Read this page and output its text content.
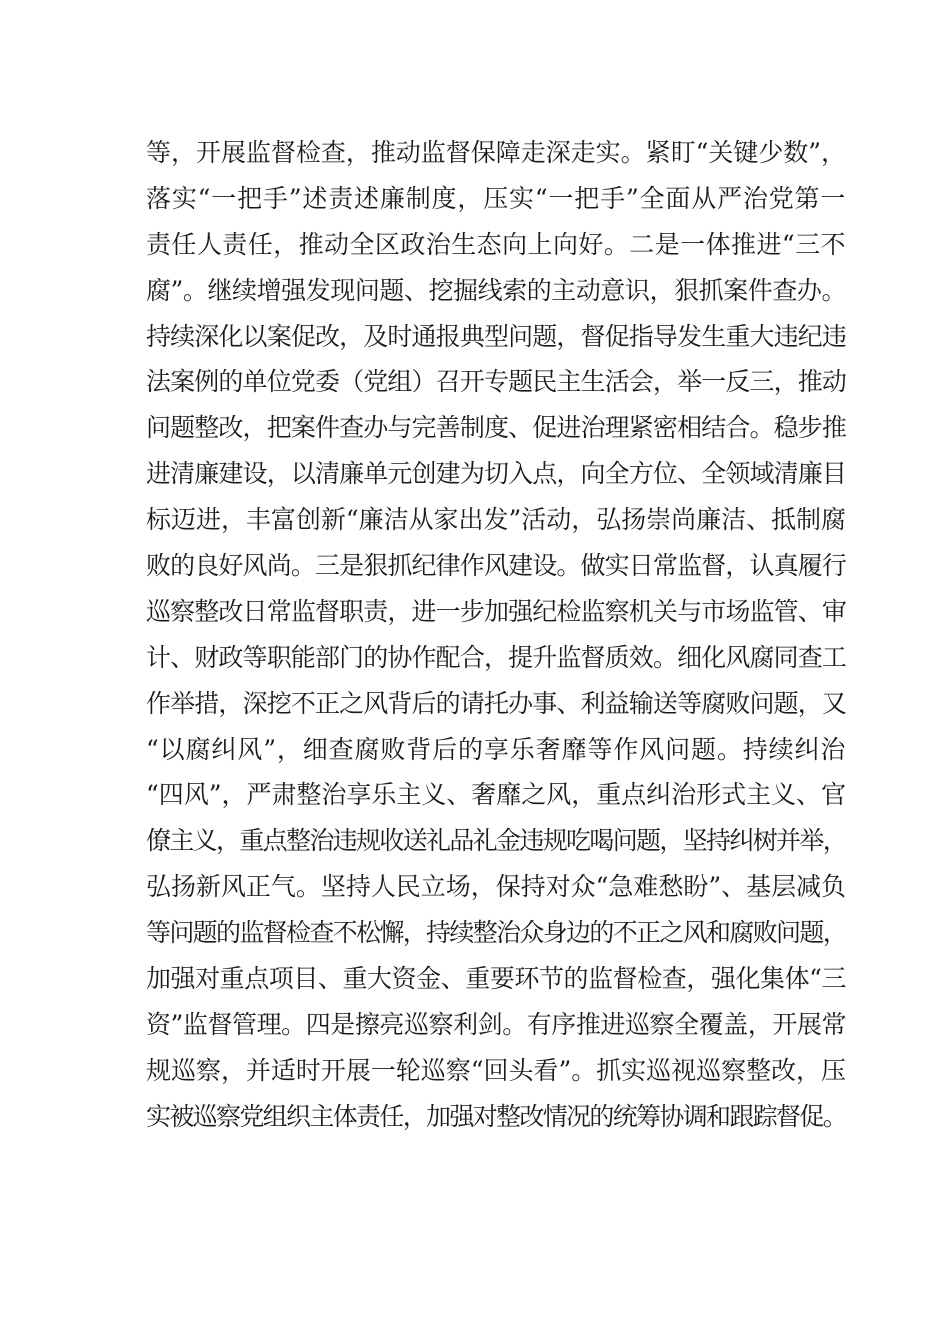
等，开展监督检查，推动监督保障走深走实。紧盯“关键少数”，
落实“一把手”述责述廉制度，压实“一把手”全面从严治党第一
责任人责任，推动全区政治生态向上向好。二是一体推进“三不
腐”。继续增强发现问题、挖掘线索的主动意识，狠抓案件查办。
持续深化以案促改，及时通报典型问题，督促指导发生重大违纪违
法案例的单位党委（党组）召开专题民主生活会，举一反三，推动
问题整改，把案件查办与完善制度、促进治理紧密相结合。稳步推
进清廉建设，以清廉单元创建为切入点，向全方位、全领域清廉目
标迈进，丰富创新“廉洁从家出发”活动，弘扬崇尚廉洁、抵制腐
败的良好风尚。三是狠抓纪律作风建设。做实日常监督，认真履行
巡察整改日常监督职责，进一步加强纪检监察机关与市场监管、审
计、财政等职能部门的协作配合，提升监督质效。细化风腐同查工
作举措，深挖不正之风背后的请托办事、利益输送等腐败问题，又
“以腐纠风”，细查腐败背后的享乐奢靡等作风问题。持续纠治
“四风”，严肃整治享乐主义、奢靡之风，重点纠治形式主义、官
僚主义，重点整治违规收送礼品礼金违规吃喝问题，坚持纠树并举，
弘扬新风正气。坚持人民立场，保持对众“急难愁盼”、基层减负
等问题的监督检查不松懈，持续整治众身边的不正之风和腐败问题，
加强对重点项目、重大资金、重要环节的监督检查，强化集体“三
资”监督管理。四是擦亮巡察利剑。有序推进巡察全覆盖，开展常
规巡察，并适时开展一轮巡察“回头看”。抓实巡视巡察整改，压
实被巡察党组织主体责任，加强对整改情况的统筹协调和跟踪督促。
